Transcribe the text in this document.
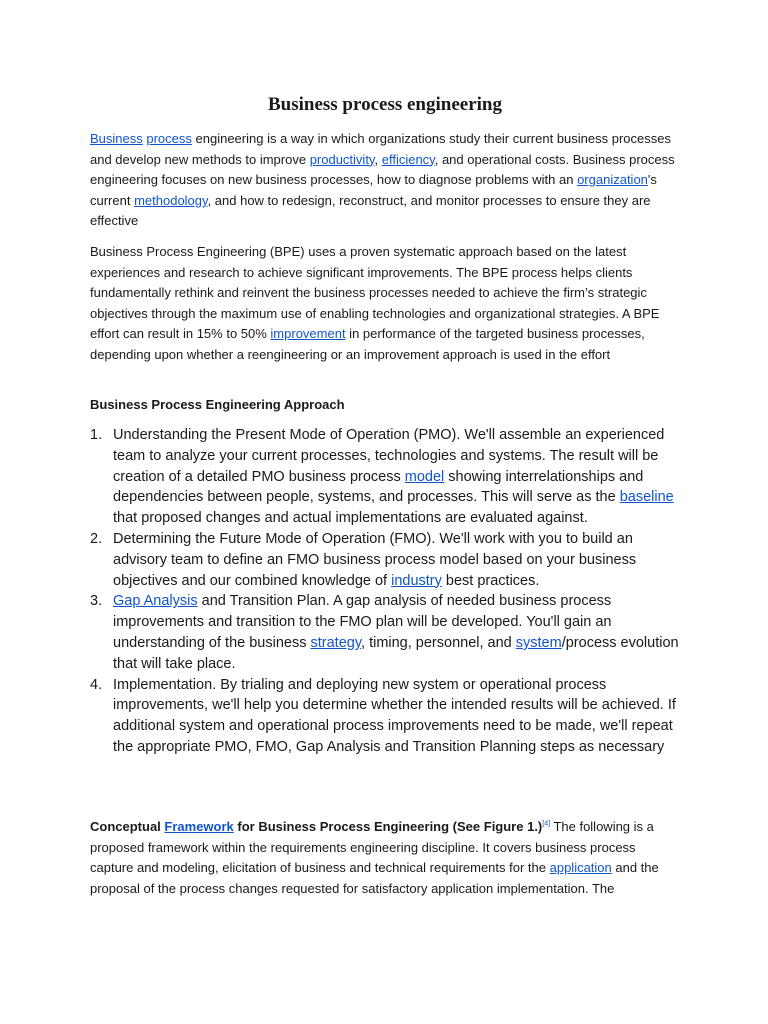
Business process engineering

Business process engineering is a way in which organizations study their current business processes and develop new methods to improve productivity, efficiency, and operational costs. Business process engineering focuses on new business processes, how to diagnose problems with an organization's current methodology, and how to redesign, reconstruct, and monitor processes to ensure they are effective

Business Process Engineering (BPE) uses a proven systematic approach based on the latest experiences and research to achieve significant improvements. The BPE process helps clients fundamentally rethink and reinvent the business processes needed to achieve the firm’s strategic objectives through the maximum use of enabling technologies and organizational strategies. A BPE effort can result in 15% to 50% improvement in performance of the targeted business processes, depending upon whether a reengineering or an improvement approach is used in the effort

Business Process Engineering Approach

1. Understanding the Present Mode of Operation (PMO). We'll assemble an experienced team to analyze your current processes, technologies and systems. The result will be creation of a detailed PMO business process model showing interrelationships and dependencies between people, systems, and processes. This will serve as the baseline that proposed changes and actual implementations are evaluated against.
2. Determining the Future Mode of Operation (FMO). We'll work with you to build an advisory team to define an FMO business process model based on your business objectives and our combined knowledge of industry best practices.
3. Gap Analysis and Transition Plan. A gap analysis of needed business process improvements and transition to the FMO plan will be developed. You'll gain an understanding of the business strategy, timing, personnel, and system/process evolution that will take place.
4. Implementation. By trialing and deploying new system or operational process improvements, we'll help you determine whether the intended results will be achieved. If additional system and operational process improvements need to be made, we'll repeat the appropriate PMO, FMO, Gap Analysis and Transition Planning steps as necessary

Conceptual Framework for Business Process Engineering (See Figure 1.)[4] The following is a proposed framework within the requirements engineering discipline. It covers business process capture and modeling, elicitation of business and technical requirements for the application and the proposal of the process changes requested for satisfactory application implementation. The
